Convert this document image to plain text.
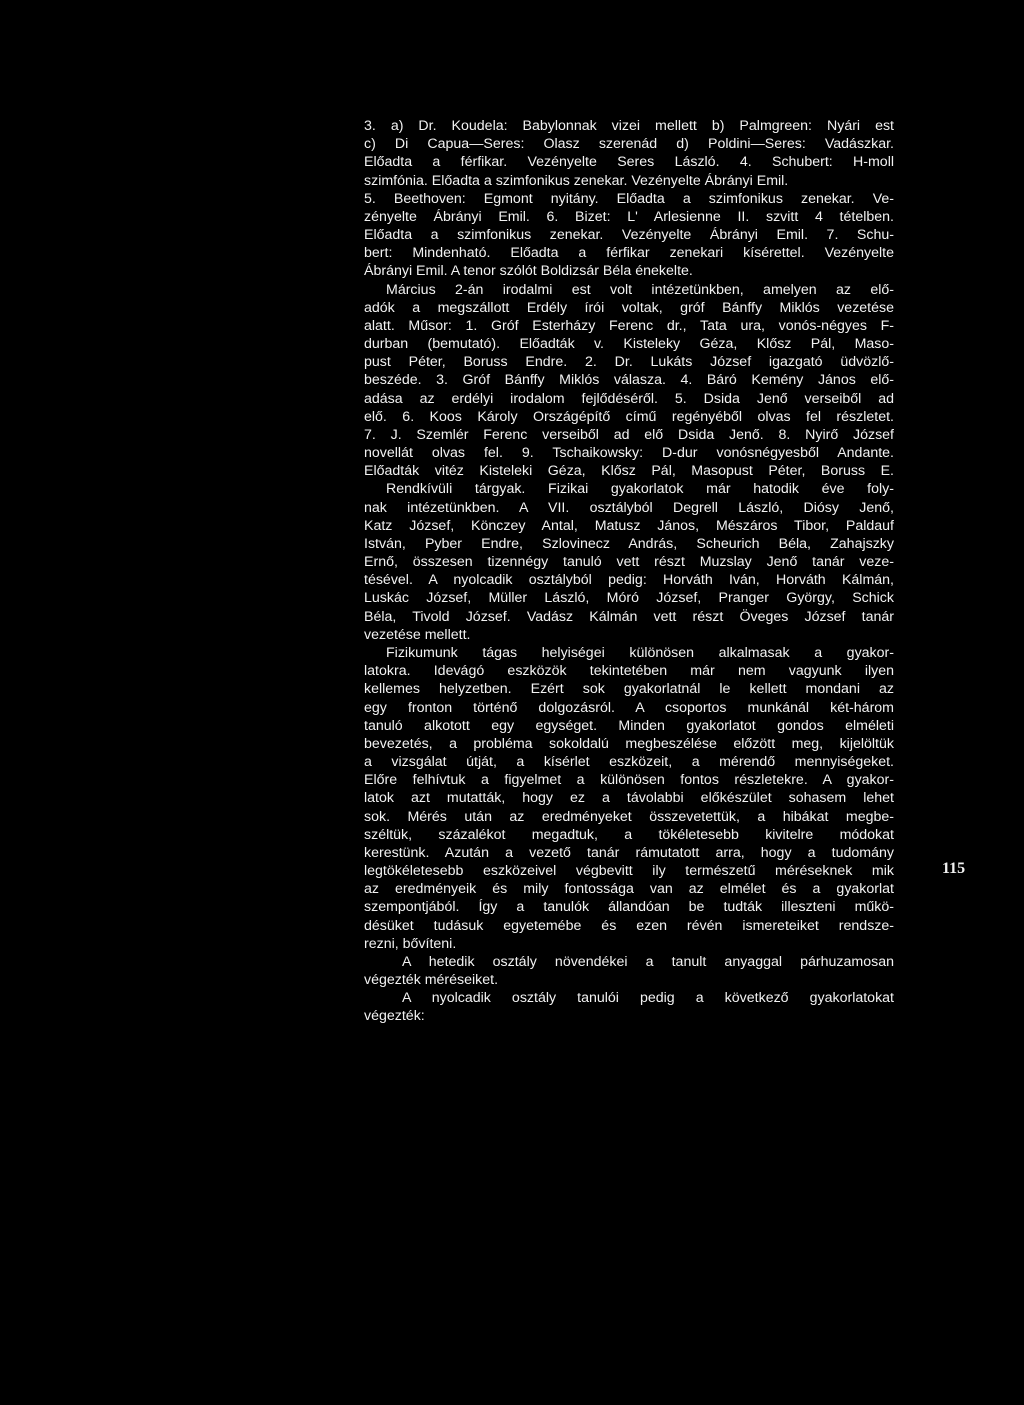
3. a) Dr. Koudela: Babylonnak vizei mellett b) Palmgreen: Nyári est
c) Di Capua—Seres: Olasz szerenád d) Poldini—Seres: Vadászkar.
Előadta a férfikar. Vezényelte Seres László. 4. Schubert: H-moll
szimfónia. Előadta a szimfonikus zenekar. Vezényelte Ábrányi Emil.
5. Beethoven: Egmont nyitány. Előadta a szimfonikus zenekar. Ve-
zényelte Ábrányi Emil. 6. Bizet: L' Arlesienne II. szvitt 4 tételben.
Előadta a szimfonikus zenekar. Vezényelte Ábrányi Emil. 7. Schu-
bert: Mindenható. Előadta a férfikar zenekari kísérettel. Vezényelte
Ábrányi Emil. A tenor szólót Boldizsár Béla énekelte.
Március 2-án irodalmi est volt intézetünkben, amelyen az elő-
adók a megszállott Erdély írói voltak, gróf Bánffy Miklós vezetése
alatt. Műsor: 1. Gróf Esterházy Ferenc dr., Tata ura, vonós-négyes F-
durban (bemutató). Előadták v. Kisteleky Géza, Klősz Pál, Maso-
pust Péter, Boruss Endre. 2. Dr. Lukáts József igazgató üdvözlő-
beszéde. 3. Gróf Bánffy Miklós válasza. 4. Báró Kemény János elő-
adása az erdélyi irodalom fejlődéséről. 5. Dsida Jenő verseiből ad
elő. 6. Koos Károly Országépítő című regényéből olvas fel részletet.
7. J. Szemlér Ferenc verseiből ad elő Dsida Jenő. 8. Nyirő József
novellát olvas fel. 9. Tschaikowsky: D-dur vonósnégyesből Andante.
Előadták vitéz Kisteleki Géza, Klősz Pál, Masopust Péter, Boruss E.
Rendkívüli tárgyak. Fizikai gyakorlatok már hatodik éve foly-
nak intézetünkben. A VII. osztályból Degrell László, Diósy Jenő,
Katz József, Könczey Antal, Matusz János, Mészáros Tibor, Paldauf
István, Pyber Endre, Szlovinecz András, Scheurich Béla, Zahajszky
Ernő, összesen tizennégy tanuló vett részt Muzslay Jenő tanár veze-
tésével. A nyolcadik osztályból pedig: Horváth Iván, Horváth Kálmán,
Luskác József, Müller László, Móró József, Pranger György, Schick
Béla, Tivold József. Vadász Kálmán vett részt Öveges József tanár
vezetése mellett.
Fizikumunk tágas helyiségei különösen alkalmasak a gyakor-
latokra. Idevágó eszközök tekintetében már nem vagyunk ilyen
kellemes helyzetben. Ezért sok gyakorlatnál le kellett mondani az
egy fronton történő dolgozásról. A csoportos munkánál két-három
tanuló alkotott egy egységet. Minden gyakorlatot gondos elméleti
bevezetés, a probléma sokoldalú megbeszélése előzött meg, kijelöltük
a vizsgálat útját, a kísérlet eszközeit, a mérendő mennyiségeket.
Előre felhívtuk a figyelmet a különösen fontos részletekre. A gyakor-
latok azt mutatták, hogy ez a távolabbi előkészület sohasem lehet
sok. Mérés után az eredményeket összevetettük, a hibákat megbe-
széltük, százalékot megadtuk, a tökéletesebb kivitelre módokat
kerestünk. Azután a vezető tanár rámutatott arra, hogy a tudomány
legtökéletesebb eszközeivel végbevitt ily természetű méréseknek mik
az eredményeik és mily fontossága van az elmélet és a gyakorlat
szempontjából. Így a tanulók állandóan be tudták illeszteni műkö-
désüket tudásuk egyetemébe és ezen révén ismereteiket rendsze-
rezni, bővíteni.
A hetedik osztály növendékei a tanult anyaggal párhuzamosan
végezték méréseiket.
A nyolcadik osztály tanulói pedig a következő gyakorlatokat
végezték:
115
